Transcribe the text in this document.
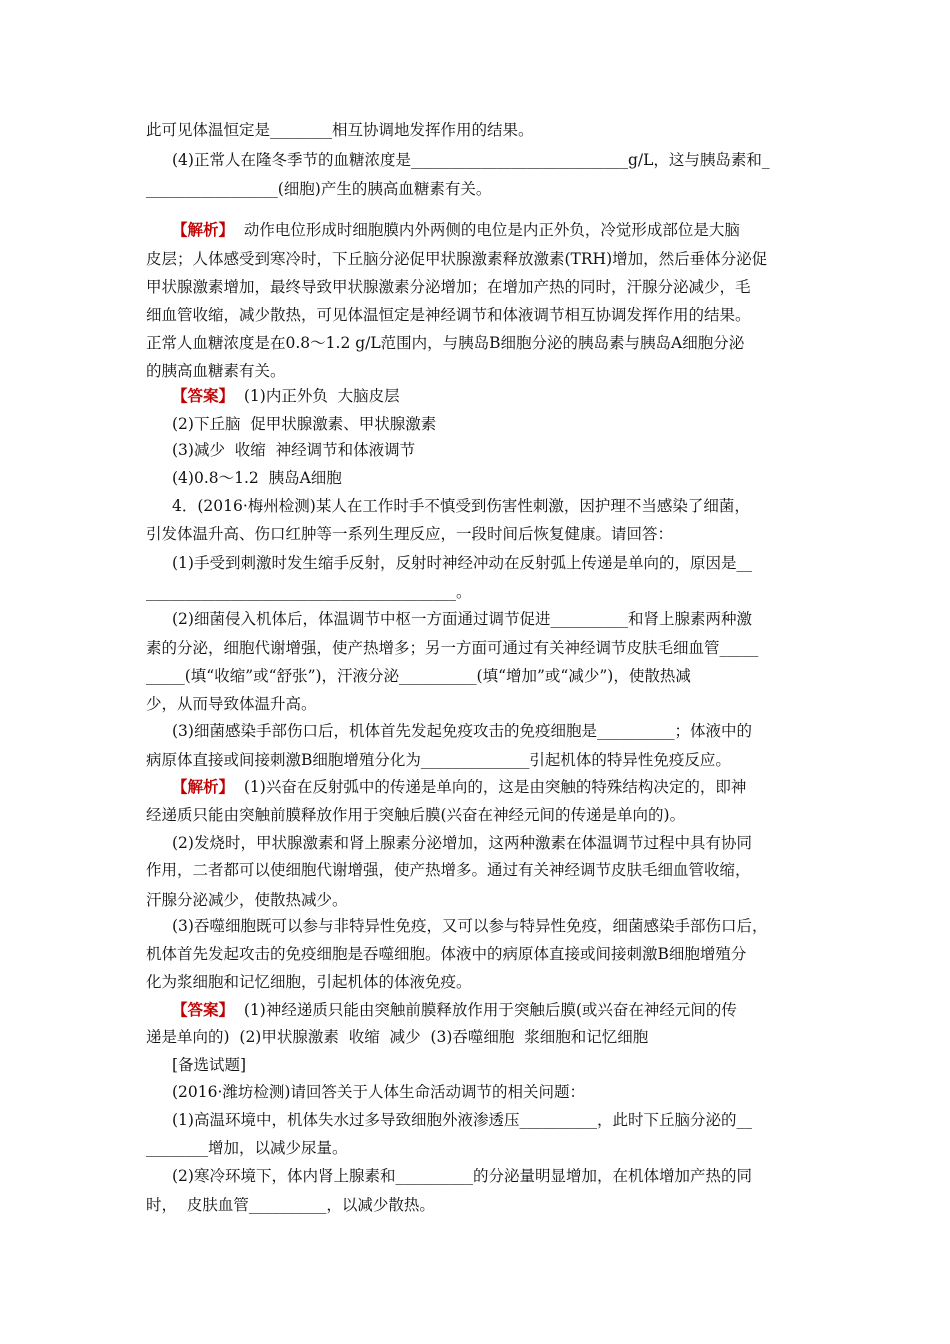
此可见体温恒定是________相互协调地发挥作用的结果。
(4)正常人在隆冬季节的血糖浓度是____________________________g/L，这与胰岛素和_
_________________(细胞)产生的胰高血糖素有关。
【解析】  动作电位形成时细胞膜内外两侧的电位是内正外负，冷觉形成部位是大脑
皮层；人体感受到寒冷时，下丘脑分泌促甲状腺激素释放激素(TRH)增加，然后垂体分泌促
甲状腺激素增加，最终导致甲状腺激素分泌增加；在增加产热的同时，汗腺分泌减少，毛
细血管收缩，减少散热，可见体温恒定是神经调节和体液调节相互协调发挥作用的结果。
正常人血糖浓度是在0.8～1.2 g/L范围内，与胰岛B细胞分泌的胰岛素与胰岛A细胞分泌
的胰高血糖素有关。
【答案】  (1)内正外负  大脑皮层
(2)下丘脑  促甲状腺激素、甲状腺激素
(3)减少  收缩  神经调节和体液调节
(4)0.8～1.2  胰岛A细胞
4．(2016·梅州检测)某人在工作时手不慎受到伤害性刺激，因护理不当感染了细菌，
引发体温升高、伤口红肿等一系列生理反应，一段时间后恢复健康。请回答：
(1)手受到刺激时发生缩手反射，反射时神经冲动在反射弧上传递是单向的，原因是__
________________________________________。
(2)细菌侵入机体后，体温调节中枢一方面通过调节促进__________和肾上腺素两种激
素的分泌，细胞代谢增强，使产热增多；另一方面可通过有关神经调节皮肤毛细血管_____
_____(填“收缩”或“舒张”)，汗液分泌__________(填“增加”或“减少”)，使散热减
少，从而导致体温升高。
(3)细菌感染手部伤口后，机体首先发起免疫攻击的免疫细胞是__________；体液中的
病原体直接或间接刺激B细胞增殖分化为______________引起机体的特异性免疫反应。
【解析】  (1)兴奋在反射弧中的传递是单向的，这是由突触的特殊结构决定的，即神
经递质只能由突触前膜释放作用于突触后膜(兴奋在神经元间的传递是单向的)。
(2)发烧时，甲状腺激素和肾上腺素分泌增加，这两种激素在体温调节过程中具有协同
作用，二者都可以使细胞代谢增强，使产热增多。通过有关神经调节皮肤毛细血管收缩，
汗腺分泌减少，使散热减少。
(3)吞噬细胞既可以参与非特异性免疫，又可以参与特异性免疫，细菌感染手部伤口后，
机体首先发起攻击的免疫细胞是吞噬细胞。体液中的病原体直接或间接刺激B细胞增殖分
化为浆细胞和记忆细胞，引起机体的体液免疫。
【答案】  (1)神经递质只能由突触前膜释放作用于突触后膜(或兴奋在神经元间的传
递是单向的)  (2)甲状腺激素  收缩  减少  (3)吞噬细胞  浆细胞和记忆细胞
[备选试题]
(2016·潍坊检测)请回答关于人体生命活动调节的相关问题：
(1)高温环境中，机体失水过多导致细胞外液渗透压__________，此时下丘脑分泌的__
________增加，以减少尿量。
(2)寒冷环境下，体内肾上腺素和__________的分泌量明显增加，在机体增加产热的同
时，  皮肤血管__________，以减少散热。
